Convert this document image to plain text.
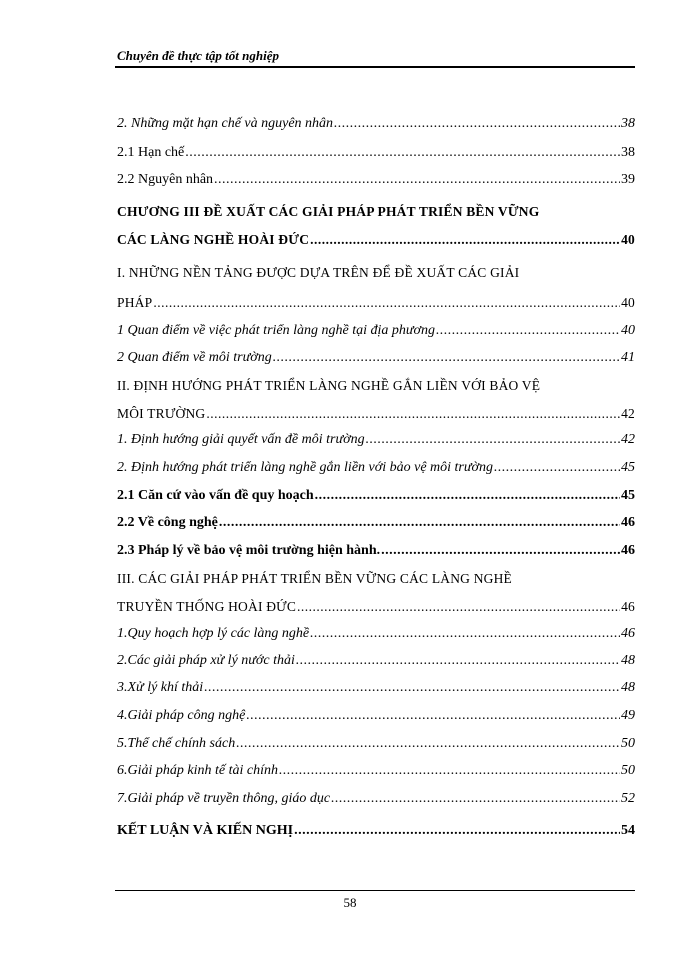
Chuyên đề thực tập tốt nghiệp
2. Những mặt hạn chế và nguyên nhân .....	38
2.1 Hạn chế .....	38
2.2 Nguyên nhân .....	39
CHƯƠNG III ĐỀ XUẤT CÁC GIẢI PHÁP PHÁT TRIỂN BỀN VỮNG
CÁC LÀNG NGHỀ HOÀI ĐỨC .....	40
I. NHỮNG NỀN TẢNG ĐƯỢC DỰA TRÊN ĐỂ ĐỀ XUẤT CÁC GIẢI
PHÁP .....	40
1 Quan điểm về việc phát triển làng nghề tại địa phương .....	40
2 Quan điểm về môi trường .....	41
II. ĐỊNH HƯỚNG PHÁT TRIỂN LÀNG NGHỀ GẮN LIỀN VỚI BẢO VỆ
MÔI TRƯỜNG .....	42
1. Định hướng giải quyết vấn đề môi trường .....	42
2. Định hướng phát triển làng nghề gắn liền với bảo vệ môi trường .....	45
2.1 Căn cứ vào vấn đề quy hoạch .....	45
2.2 Về công nghệ .....	46
2.3 Pháp lý về bảo vệ môi trường hiện hành. .....	46
III. CÁC GIẢI PHÁP PHÁT TRIỂN BỀN VỮNG CÁC LÀNG NGHỀ
TRUYỀN THỐNG HOÀI ĐỨC .....	46
1.Quy hoạch hợp lý các làng nghề .....	46
2.Các giải pháp xử lý nước thải .....	48
3.Xử lý khí thải .....	48
4.Giải pháp công nghệ .....	49
5.Thể chế chính sách .....	50
6.Giải pháp kinh tế tài chính .....	50
7.Giải pháp về truyền thông, giáo dục .....	52
KẾT LUẬN VÀ KIẾN NGHỊ .....	54
58
